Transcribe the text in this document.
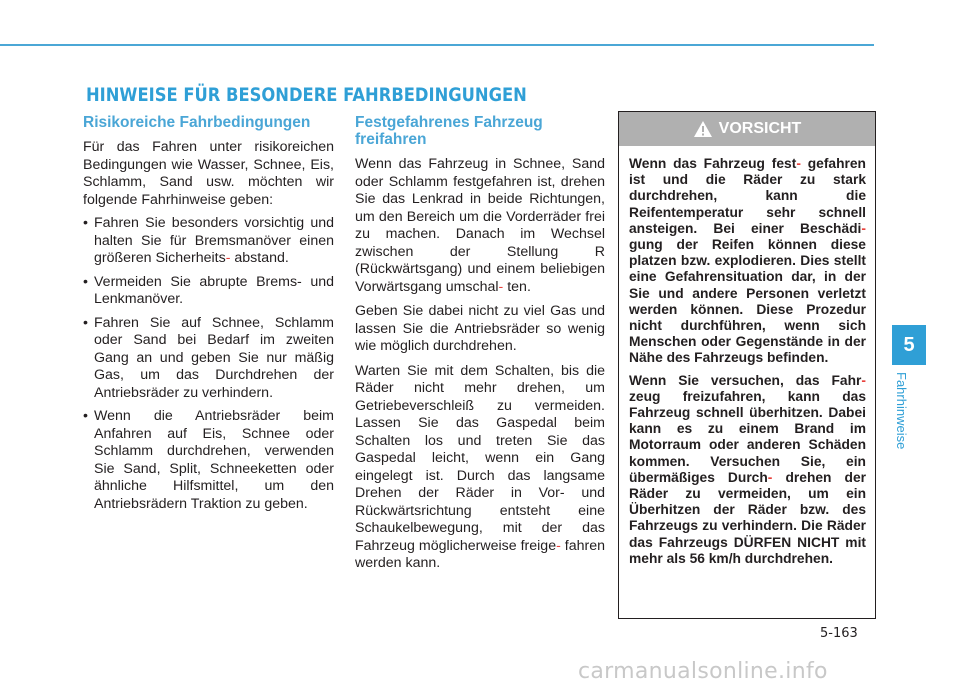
HINWEISE FÜR BESONDERE FAHRBEDINGUNGEN
Risikoreiche Fahrbedingungen

Für das Fahren unter risikoreichen Bedingungen wie Wasser, Schnee, Eis, Schlamm, Sand usw. möchten wir folgende Fahrhinweise geben:

• Fahren Sie besonders vorsichtig und halten Sie für Bremsmanöver einen größeren Sicherheits- abstand.
• Vermeiden Sie abrupte Brems- und Lenkmanöver.
• Fahren Sie auf Schnee, Schlamm oder Sand bei Bedarf im zweiten Gang an und geben Sie nur mäßig Gas, um das Durchdrehen der Antriebsräder zu verhindern.
• Wenn die Antriebsräder beim Anfahren auf Eis, Schnee oder Schlamm durchdrehen, verwenden Sie Sand, Split, Schneeketten oder ähnliche Hilfsmittel, um den Antriebsrädern Traktion zu geben.
Festgefahrenes Fahrzeug freifahren

Wenn das Fahrzeug in Schnee, Sand oder Schlamm festgefahren ist, drehen Sie das Lenkrad in beide Richtungen, um den Bereich um die Vorderräder frei zu machen. Danach im Wechsel zwischen der Stellung R (Rückwärtsgang) und einem beliebigen Vorwärtsgang umschal- ten.

Geben Sie dabei nicht zu viel Gas und lassen Sie die Antriebsräder so wenig wie möglich durchdrehen.

Warten Sie mit dem Schalten, bis die Räder nicht mehr drehen, um Getriebeverschleiß zu vermeiden. Lassen Sie das Gaspedal beim Schalten los und treten Sie das Gaspedal leicht, wenn ein Gang eingelegt ist. Durch das langsame Drehen der Räder in Vor- und Rückwärtsrichtung entsteht eine Schaukelbewegung, mit der das Fahrzeug möglicherweise freige- fahren werden kann.

VORSICHT

Wenn das Fahrzeug fest- gefahren ist und die Räder zu stark durchdrehen, kann die Reifentemperatur sehr schnell ansteigen. Bei einer Beschädi- gung der Reifen können diese platzen bzw. explodieren. Dies stellt eine Gefahrensituation dar, in der Sie und andere Personen verletzt werden können. Diese Prozedur nicht durchführen, wenn sich Menschen oder Gegenstände in der Nähe des Fahrzeugs befinden.

Wenn Sie versuchen, das Fahr- zeug freizufahren, kann das Fahrzeug schnell überhitzen. Dabei kann es zu einem Brand im Motorraum oder anderen Schäden kommen. Versuchen Sie, ein übermäßiges Durch- drehen der Räder zu vermeiden, um ein Überhitzen der Räder bzw. des Fahrzeugs zu verhindern. Die Räder das Fahrzeugs DÜRFEN NICHT mit mehr als 56 km/h durchdrehen.

5
Fahrhinweise
5-163
carmanualsonline.info
